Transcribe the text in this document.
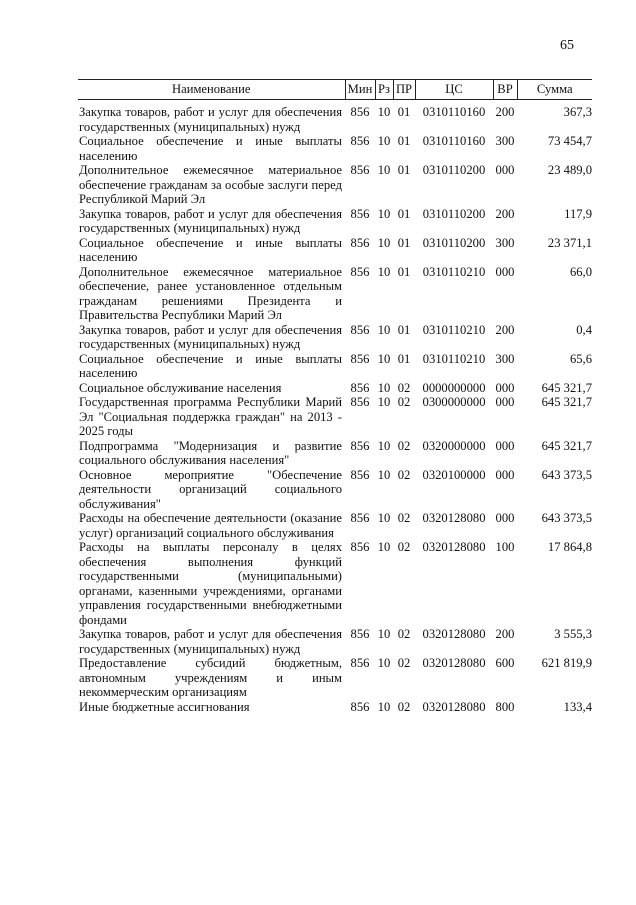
65
Наименование	Мин	Рз	ПР	ЦС	ВР	Сумма
Закупка товаров, работ и услуг для обеспечения государственных (муниципальных) нужд	856	10	01	0310110160	200	367,3
Социальное обеспечение и иные выплаты населению	856	10	01	0310110160	300	73 454,7
Дополнительное ежемесячное материальное обеспечение гражданам за особые заслуги перед Республикой Марий Эл	856	10	01	0310110200	000	23 489,0
Закупка товаров, работ и услуг для обеспечения государственных (муниципальных) нужд	856	10	01	0310110200	200	117,9
Социальное обеспечение и иные выплаты населению	856	10	01	0310110200	300	23 371,1
Дополнительное ежемесячное материальное обеспечение, ранее установленное отдельным гражданам решениями Президента и Правительства Республики Марий Эл	856	10	01	0310110210	000	66,0
Закупка товаров, работ и услуг для обеспечения государственных (муниципальных) нужд	856	10	01	0310110210	200	0,4
Социальное обеспечение и иные выплаты населению	856	10	01	0310110210	300	65,6
Социальное обслуживание населения	856	10	02	0000000000	000	645 321,7
Государственная программа Республики Марий Эл "Социальная поддержка граждан" на 2013 - 2025 годы	856	10	02	0300000000	000	645 321,7
Подпрограмма "Модернизация и развитие социального обслуживания населения"	856	10	02	0320000000	000	645 321,7
Основное мероприятие "Обеспечение деятельности организаций социального обслуживания"	856	10	02	0320100000	000	643 373,5
Расходы на обеспечение деятельности (оказание услуг) организаций социального обслуживания	856	10	02	0320128080	000	643 373,5
Расходы на выплаты персоналу в целях обеспечения выполнения функций государственными (муниципальными) органами, казенными учреждениями, органами управления государственными внебюджетными фондами	856	10	02	0320128080	100	17 864,8
Закупка товаров, работ и услуг для обеспечения государственных (муниципальных) нужд	856	10	02	0320128080	200	3 555,3
Предоставление субсидий бюджетным, автономным учреждениям и иным некоммерческим организациям	856	10	02	0320128080	600	621 819,9
Иные бюджетные ассигнования	856	10	02	0320128080	800	133,4
